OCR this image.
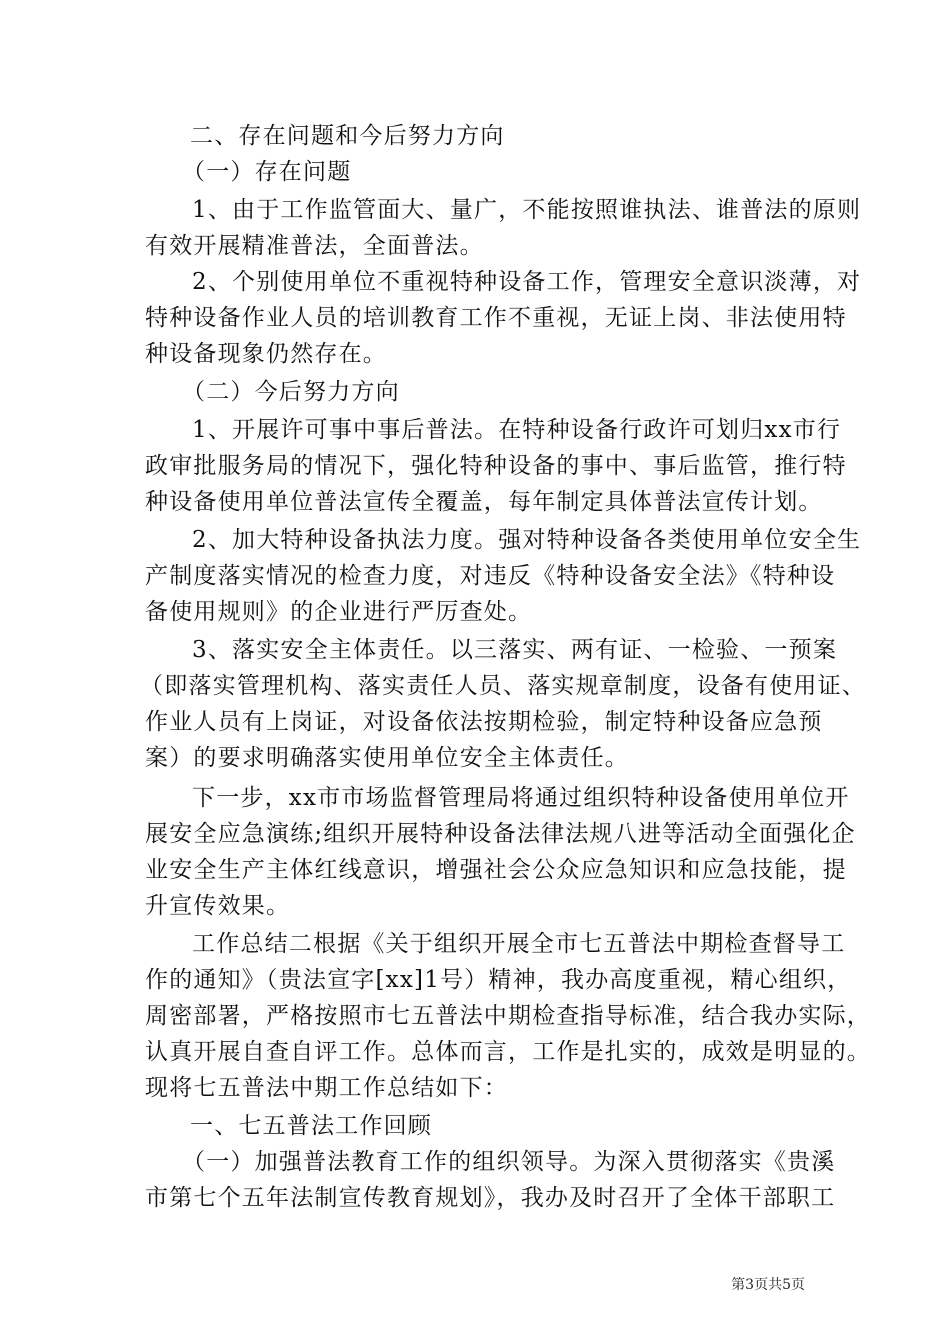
二、存在问题和今后努力方向
（一）存在问题
1、由于工作监管面大、量广，不能按照谁执法、谁普法的原则
有效开展精准普法，全面普法。
2、个别使用单位不重视特种设备工作，管理安全意识淡薄，对
特种设备作业人员的培训教育工作不重视，无证上岗、非法使用特
种设备现象仍然存在。
（二）今后努力方向
1、开展许可事中事后普法。在特种设备行政许可划归xx市行
政审批服务局的情况下，强化特种设备的事中、事后监管，推行特
种设备使用单位普法宣传全覆盖，每年制定具体普法宣传计划。
2、加大特种设备执法力度。强对特种设备各类使用单位安全生
产制度落实情况的检查力度，对违反《特种设备安全法》《特种设
备使用规则》的企业进行严厉查处。
3、落实安全主体责任。以三落实、两有证、一检验、一预案
（即落实管理机构、落实责任人员、落实规章制度，设备有使用证、
作业人员有上岗证，对设备依法按期检验，制定特种设备应急预
案）的要求明确落实使用单位安全主体责任。
下一步，xx市市场监督管理局将通过组织特种设备使用单位开
展安全应急演练;组织开展特种设备法律法规八进等活动全面强化企
业安全生产主体红线意识，增强社会公众应急知识和应急技能，提
升宣传效果。
工作总结二根据《关于组织开展全市七五普法中期检查督导工
作的通知》（贵法宣字[xx]1号）精神，我办高度重视，精心组织，
周密部署，严格按照市七五普法中期检查指导标准，结合我办实际，
认真开展自查自评工作。总体而言，工作是扎实的，成效是明显的。
现将七五普法中期工作总结如下：
一、七五普法工作回顾
（一）加强普法教育工作的组织领导。为深入贯彻落实《贵溪
市第七个五年法制宣传教育规划》，我办及时召开了全体干部职工
第3页共5页
